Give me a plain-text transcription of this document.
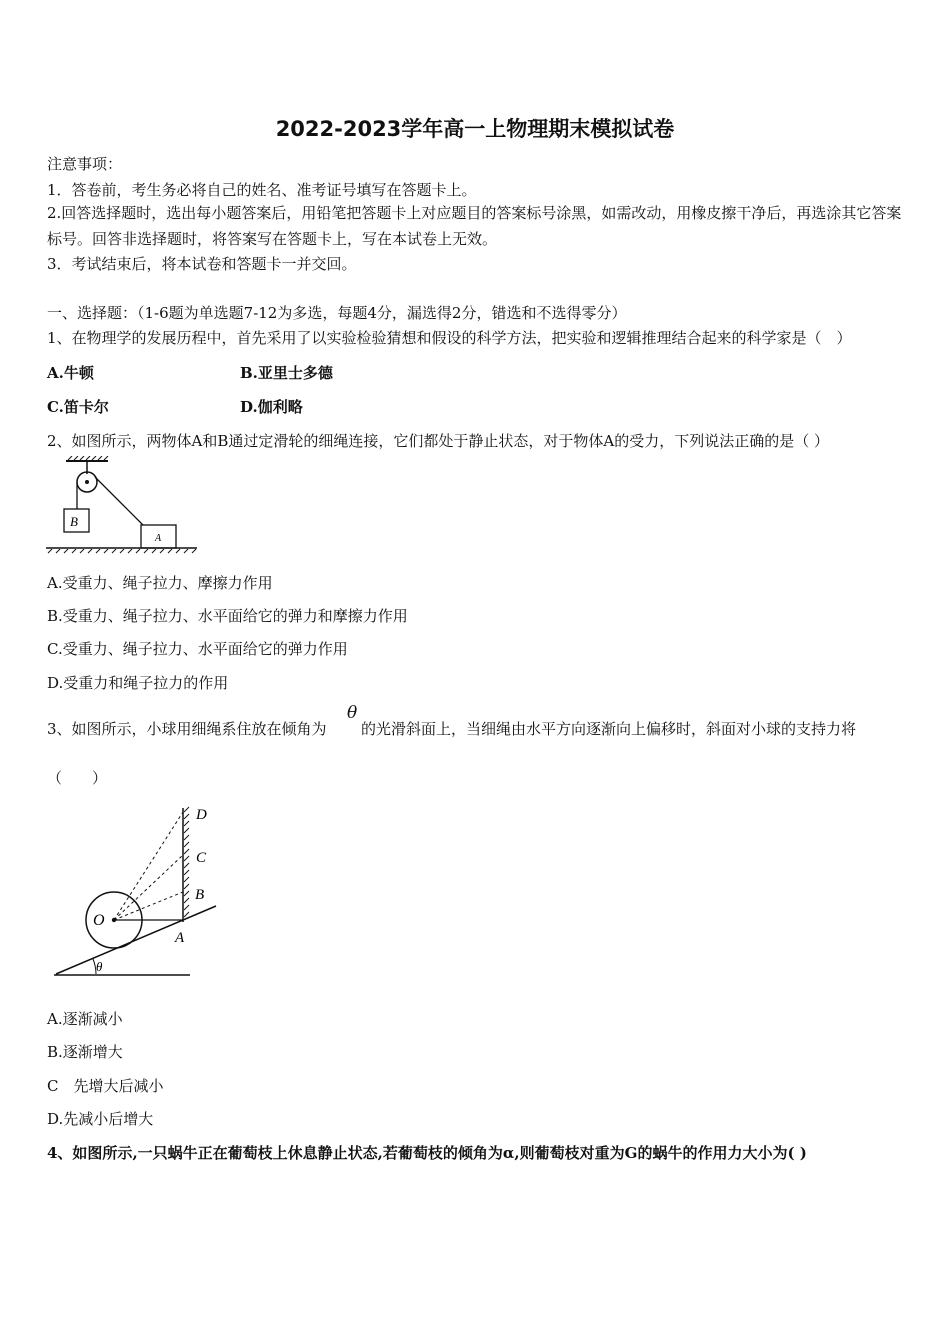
2022-2023学年高一上物理期末模拟试卷
注意事项：
1．答卷前，考生务必将自己的姓名、准考证号填写在答题卡上。
2.回答选择题时，选出每小题答案后，用铅笔把答题卡上对应题目的答案标号涂黑，如需改动，用橡皮擦干净后，再选涂其它答案标号。回答非选择题时，将答案写在答题卡上，写在本试卷上无效。
3．考试结束后，将本试卷和答题卡一并交回。
一、选择题：（1-6题为单选题7-12为多选，每题4分，漏选得2分，错选和不选得零分）
1、在物理学的发展历程中，首先采用了以实验检验猜想和假设的科学方法，把实验和逻辑推理结合起来的科学家是（　）
A.牛顿	B.亚里士多德
C.笛卡尔	D.伽利略
2、如图所示，两物体A和B通过定滑轮的细绳连接，它们都处于静止状态，对于物体A的受力，下列说法正确的是（ ）
B
A
A.受重力、绳子拉力、摩擦力作用
B.受重力、绳子拉力、水平面给它的弹力和摩擦力作用
C.受重力、绳子拉力、水平面给它的弹力作用
D.受重力和绳子拉力的作用
3、如图所示，小球用细绳系住放在倾角为
θ
的光滑斜面上，当细绳由水平方向逐渐向上偏移时，斜面对小球的支持力将
（　　）
θ
D
C
B
O
A
A.逐渐减小
B.逐渐增大
C　先增大后减小
D.先减小后增大
4、如图所示,一只蜗牛正在葡萄枝上休息静止状态,若葡萄枝的倾角为α,则葡萄枝对重为G的蜗牛的作用力大小为( )
